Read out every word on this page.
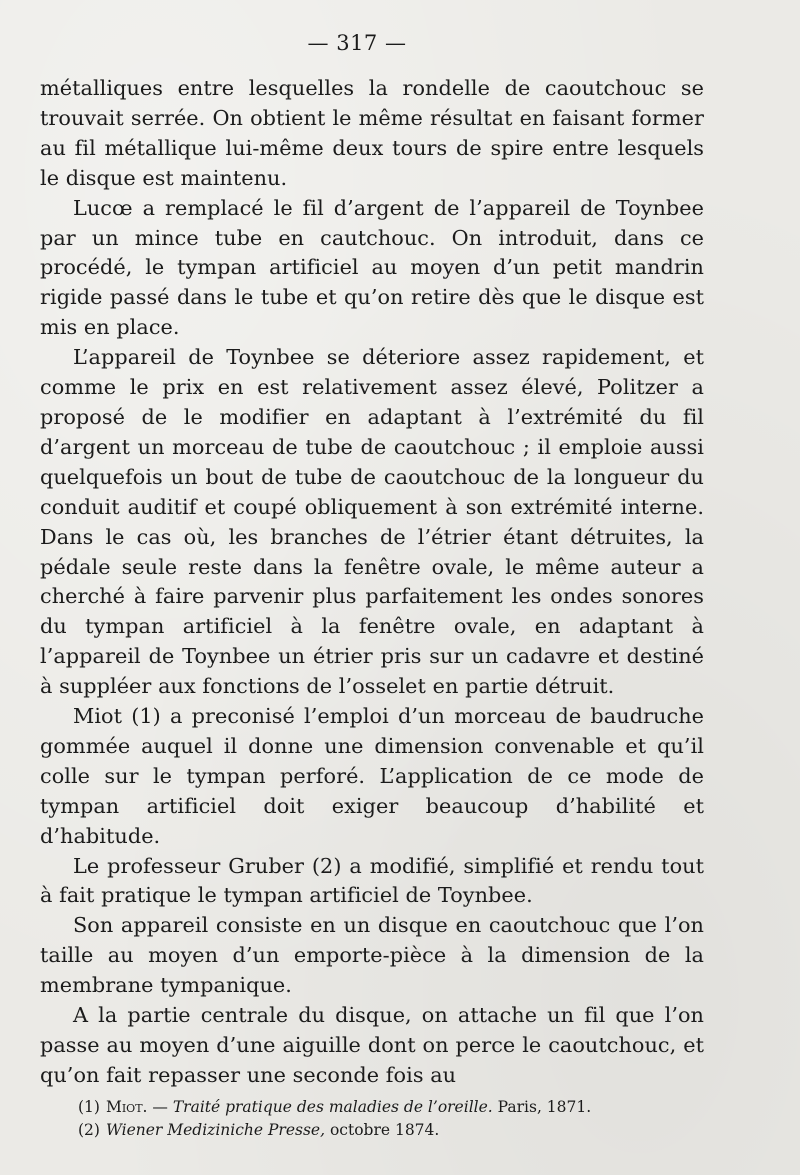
— 317 —

métalliques entre lesquelles la rondelle de caoutchouc se trouvait serrée. On obtient le même résultat en faisant former au fil métallique lui-même deux tours de spire entre lesquels le disque est maintenu.

Lucœ a remplacé le fil d’argent de l’appareil de Toynbee par un mince tube en cautchouc. On introduit, dans ce procédé, le tympan artificiel au moyen d’un petit mandrin rigide passé dans le tube et qu’on retire dès que le disque est mis en place.

L’appareil de Toynbee se déteriore assez rapidement, et comme le prix en est relativement assez élevé, Politzer a proposé de le modifier en adaptant à l’extrémité du fil d’argent un morceau de tube de caoutchouc ; il emploie aussi quelquefois un bout de tube de caoutchouc de la longueur du conduit auditif et coupé obliquement à son extrémité interne. Dans le cas où, les branches de l’étrier étant détruites, la pédale seule reste dans la fenêtre ovale, le même auteur a cherché à faire parvenir plus parfaitement les ondes sonores du tympan artificiel à la fenêtre ovale, en adaptant à l’appareil de Toynbee un étrier pris sur un cadavre et destiné à suppléer aux fonctions de l’osselet en partie détruit.

Miot (1) a preconisé l’emploi d’un morceau de baudruche gommée auquel il donne une dimension convenable et qu’il colle sur le tympan perforé. L’application de ce mode de tympan artificiel doit exiger beaucoup d’habilité et d’habitude.

Le professeur Gruber (2) a modifié, simplifié et rendu tout à fait pratique le tympan artificiel de Toynbee.

Son appareil consiste en un disque en caoutchouc que l’on taille au moyen d’un emporte-pièce à la dimension de la membrane tympanique.

A la partie centrale du disque, on attache un fil que l’on passe au moyen d’une aiguille dont on perce le caoutchouc, et qu’on fait repasser une seconde fois au

(1) Miot. — Traité pratique des maladies de l’oreille. Paris, 1871.

(2) Wiener Mediziniche Presse, octobre 1874.
